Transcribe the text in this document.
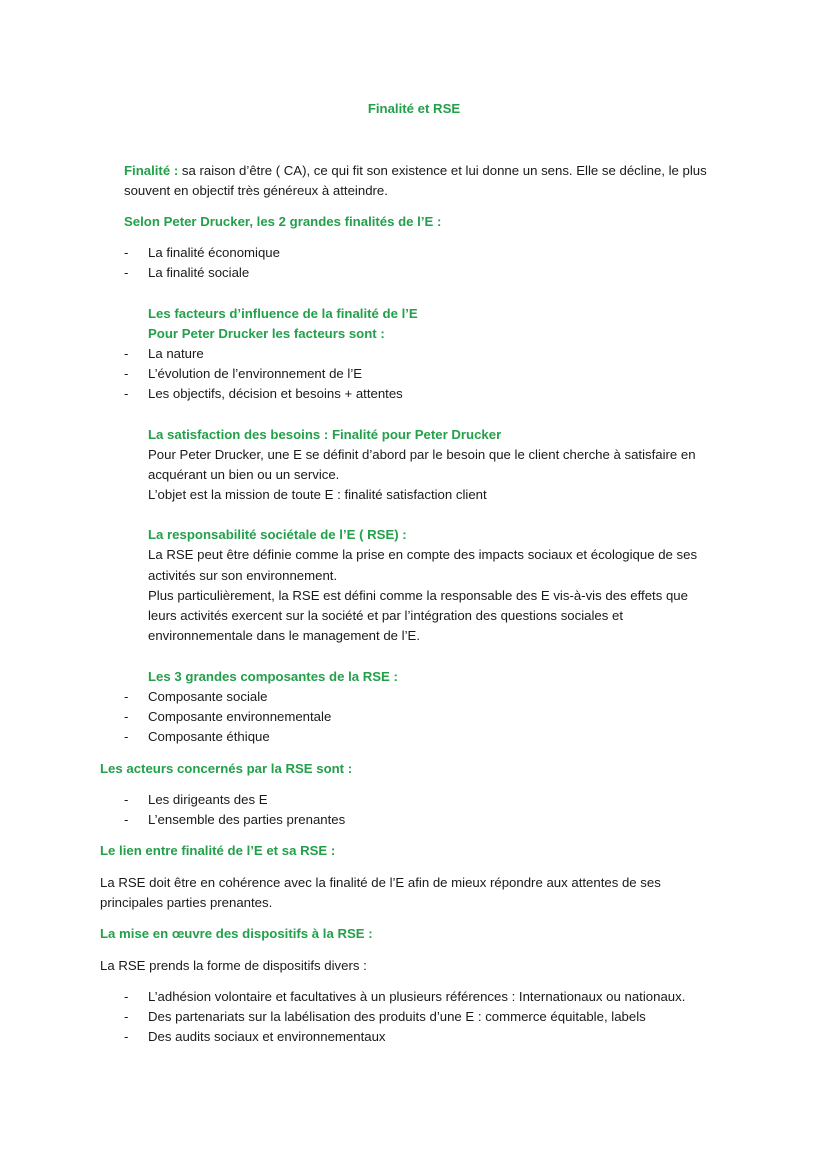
Finalité et RSE
Finalité : sa raison d’être ( CA), ce qui fit son existence et lui donne un sens. Elle se décline, le plus
souvent en objectif très généreux à atteindre.
Selon Peter Drucker, les 2 grandes finalités de l’E :
- La finalité économique
- La finalité sociale
Les facteurs d’influence de la finalité de l’E
Pour Peter Drucker les facteurs sont :
- La nature
- L’évolution de l’environnement de l’E
- Les objectifs, décision et besoins + attentes
La satisfaction des besoins : Finalité pour Peter Drucker
Pour Peter Drucker, une E se définit d’abord par le besoin que le client cherche à satisfaire en
acquérant un bien ou un service.
L’objet est la mission de toute E : finalité satisfaction client
La responsabilité sociétale de l’E ( RSE) :
La RSE peut être définie comme la prise en compte des impacts sociaux et écologique de ses
activités sur son environnement.
Plus particulièrement, la RSE est défini comme la responsable des E vis-à-vis des effets que
leurs activités exercent sur la société et par l’intégration des questions sociales et
environnementale dans le management de l’E.
Les 3 grandes composantes de la RSE :
- Composante sociale
- Composante environnementale
- Composante éthique
Les acteurs concernés par la RSE sont :
- Les dirigeants des E
- L’ensemble des parties prenantes
Le lien entre finalité de l’E et sa RSE :
La RSE doit être en cohérence avec la finalité de l’E afin de mieux répondre aux attentes de ses
principales parties prenantes.
La mise en œuvre des dispositifs à la RSE :
La RSE prends la forme de dispositifs divers :
- L’adhésion volontaire et facultatives à un plusieurs références : Internationaux ou nationaux.
- Des partenariats sur la labélisation des produits d’une E : commerce équitable, labels
- Des audits sociaux et environnementaux
